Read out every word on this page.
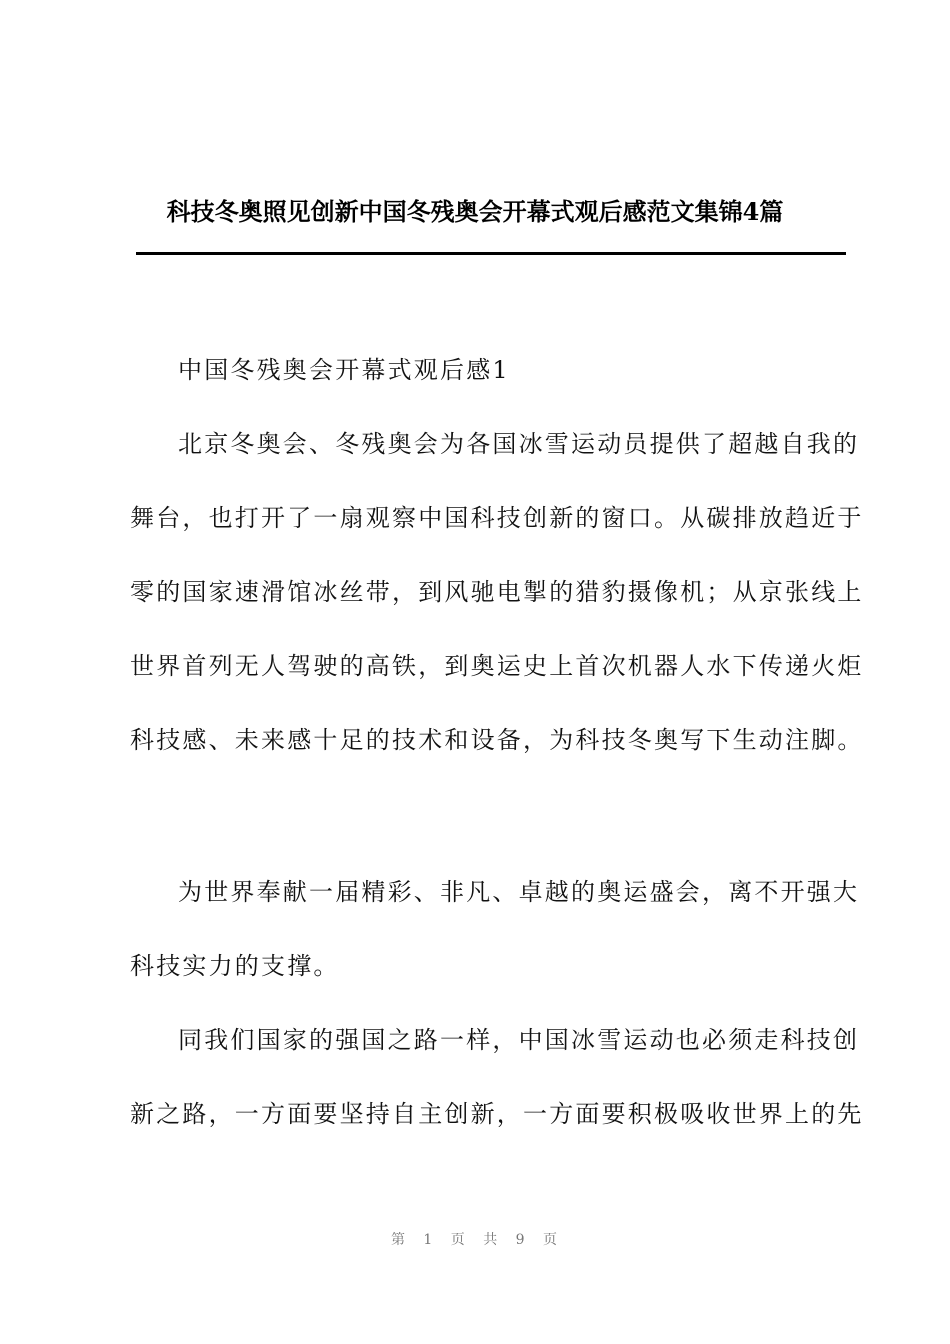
科技冬奥照见创新中国冬残奥会开幕式观后感范文集锦4篇
中国冬残奥会开幕式观后感1
北京冬奥会、冬残奥会为各国冰雪运动员提供了超越自我的
舞台，也打开了一扇观察中国科技创新的窗口。从碳排放趋近于
零的国家速滑馆冰丝带，到风驰电掣的猎豹摄像机；从京张线上
世界首列无人驾驶的高铁，到奥运史上首次机器人水下传递火炬
科技感、未来感十足的技术和设备，为科技冬奥写下生动注脚。
为世界奉献一届精彩、非凡、卓越的奥运盛会，离不开强大
科技实力的支撑。
同我们国家的强国之路一样，中国冰雪运动也必须走科技创
新之路，一方面要坚持自主创新，一方面要积极吸收世界上的先
第 1 页 共 9 页
